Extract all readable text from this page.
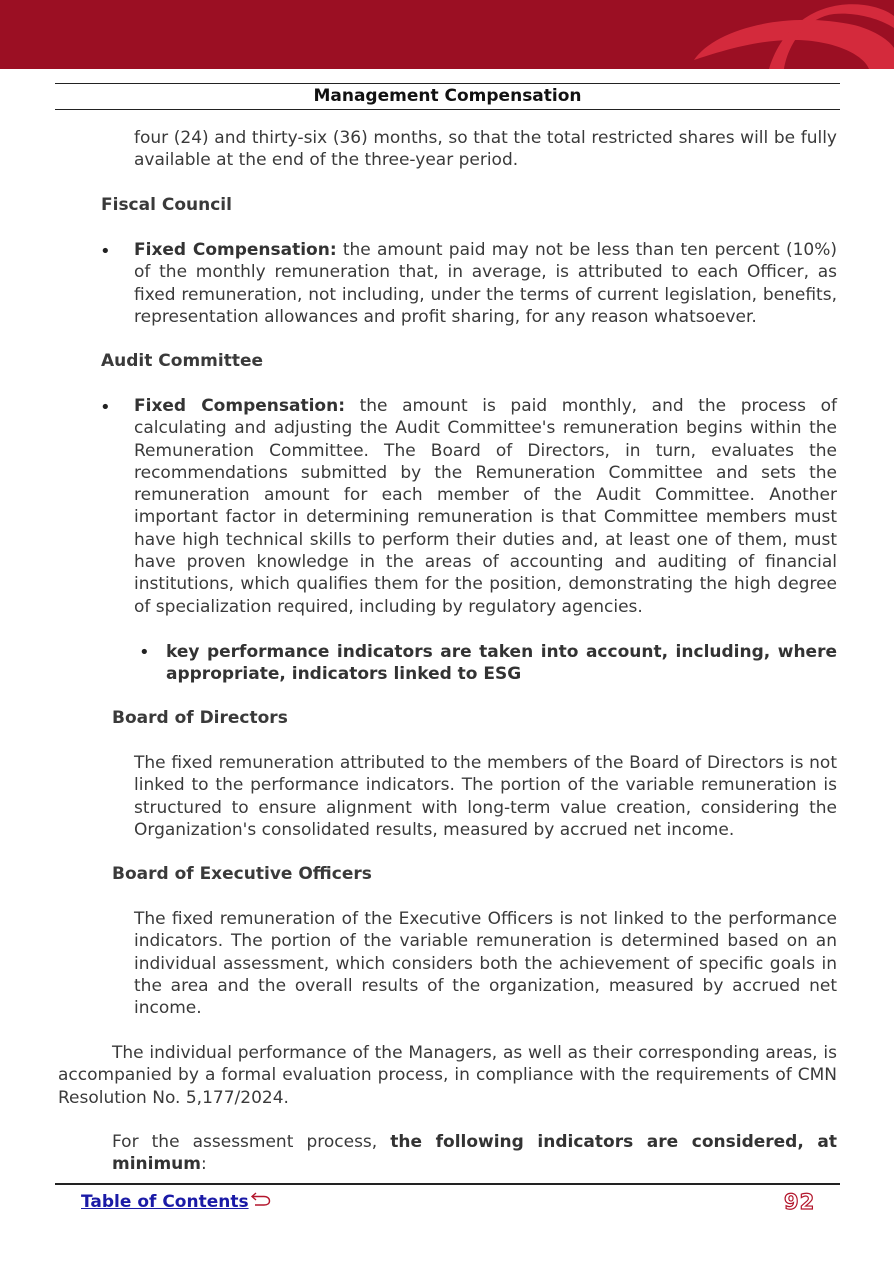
Management Compensation

four (24) and thirty-six (36) months, so that the total restricted shares will be fully available at the end of the three-year period.

Fiscal Council

• Fixed Compensation: the amount paid may not be less than ten percent (10%) of the monthly remuneration that, in average, is attributed to each Officer, as fixed remuneration, not including, under the terms of current legislation, benefits, representation allowances and profit sharing, for any reason whatsoever.

Audit Committee

• Fixed Compensation: the amount is paid monthly, and the process of calculating and adjusting the Audit Committee's remuneration begins within the Remuneration Committee. The Board of Directors, in turn, evaluates the recommendations submitted by the Remuneration Committee and sets the remuneration amount for each member of the Audit Committee. Another important factor in determining remuneration is that Committee members must have high technical skills to perform their duties and, at least one of them, must have proven knowledge in the areas of accounting and auditing of financial institutions, which qualifies them for the position, demonstrating the high degree of specialization required, including by regulatory agencies.

• key performance indicators are taken into account, including, where appropriate, indicators linked to ESG

Board of Directors

The fixed remuneration attributed to the members of the Board of Directors is not linked to the performance indicators. The portion of the variable remuneration is structured to ensure alignment with long-term value creation, considering the Organization's consolidated results, measured by accrued net income.

Board of Executive Officers

The fixed remuneration of the Executive Officers is not linked to the performance indicators. The portion of the variable remuneration is determined based on an individual assessment, which considers both the achievement of specific goals in the area and the overall results of the organization, measured by accrued net income.

The individual performance of the Managers, as well as their corresponding areas, is accompanied by a formal evaluation process, in compliance with the requirements of CMN Resolution No. 5,177/2024.

For the assessment process, the following indicators are considered, at minimum:

Table of Contents	92
